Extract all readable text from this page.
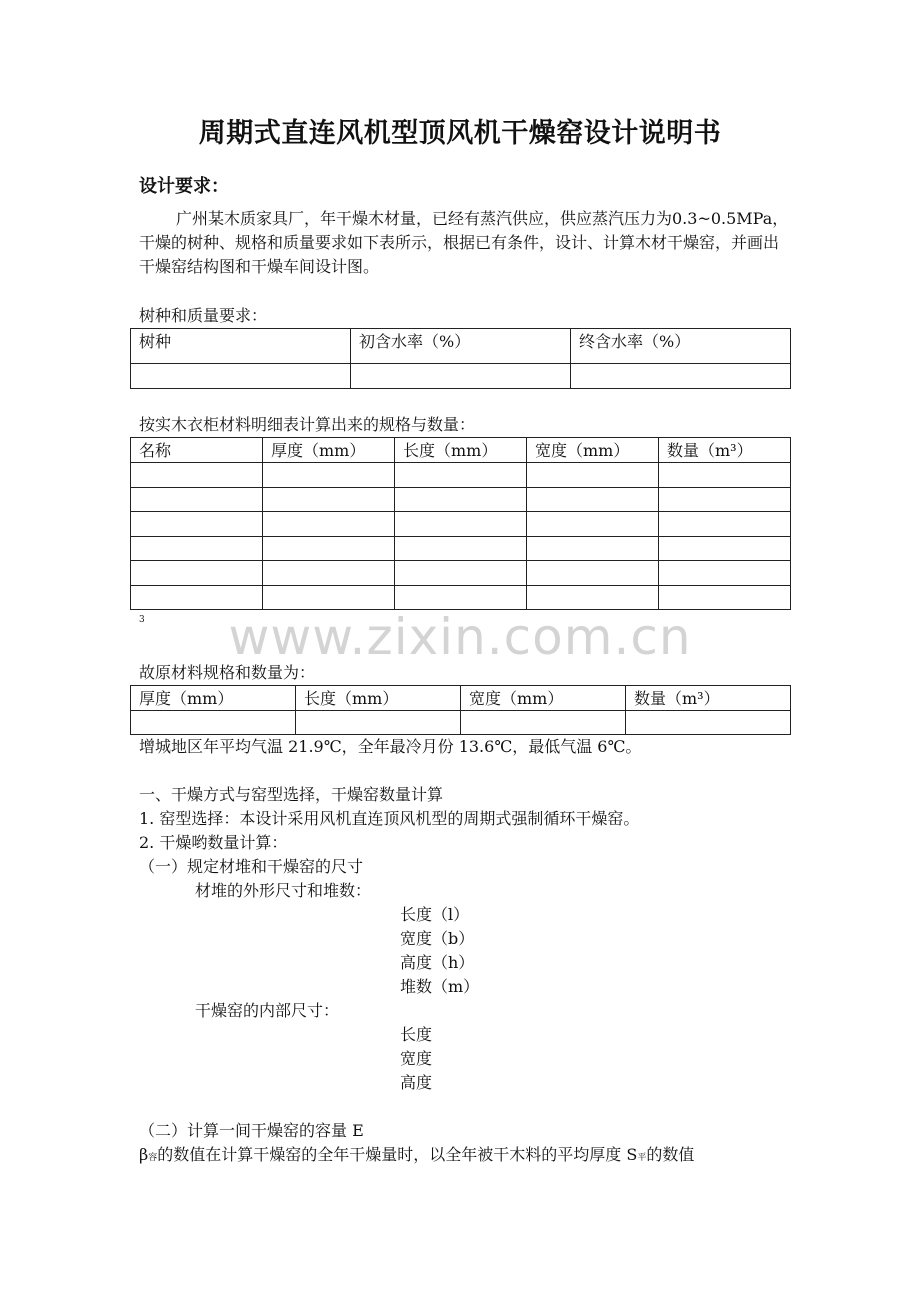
周期式直连风机型顶风机干燥窑设计说明书
设计要求：
广州某木质家具厂，年干燥木材量，已经有蒸汽供应，供应蒸汽压力为0.3~0.5MPa，干燥的树种、规格和质量要求如下表所示，根据已有条件，设计、计算木材干燥窑，并画出干燥窑结构图和干燥车间设计图。
树种和质量要求：
树种	初含水率（%）	终含水率（%）

按实木衣柜材料明细表计算出来的规格与数量：
名称	厚度（mm）	长度（mm）	宽度（mm）	数量（m³）

3	www.zixin.com.cn
故原材料规格和数量为：
厚度（mm）	长度（mm）	宽度（mm）	数量（m³）

增城地区年平均气温 21.9℃，全年最冷月份 13.6℃，最低气温 6℃。
一、干燥方式与窑型选择，干燥窑数量计算
1. 窑型选择：本设计采用风机直连顶风机型的周期式强制循环干燥窑。
2. 干燥哟数量计算：
（一）规定材堆和干燥窑的尺寸
材堆的外形尺寸和堆数：
长度（l）
宽度（b）
高度（h）
堆数（m）
干燥窑的内部尺寸：
长度
宽度
高度
（二）计算一间干燥窑的容量 E
β容的数值在计算干燥窑的全年干燥量时，以全年被干木料的平均厚度 S平的数值
